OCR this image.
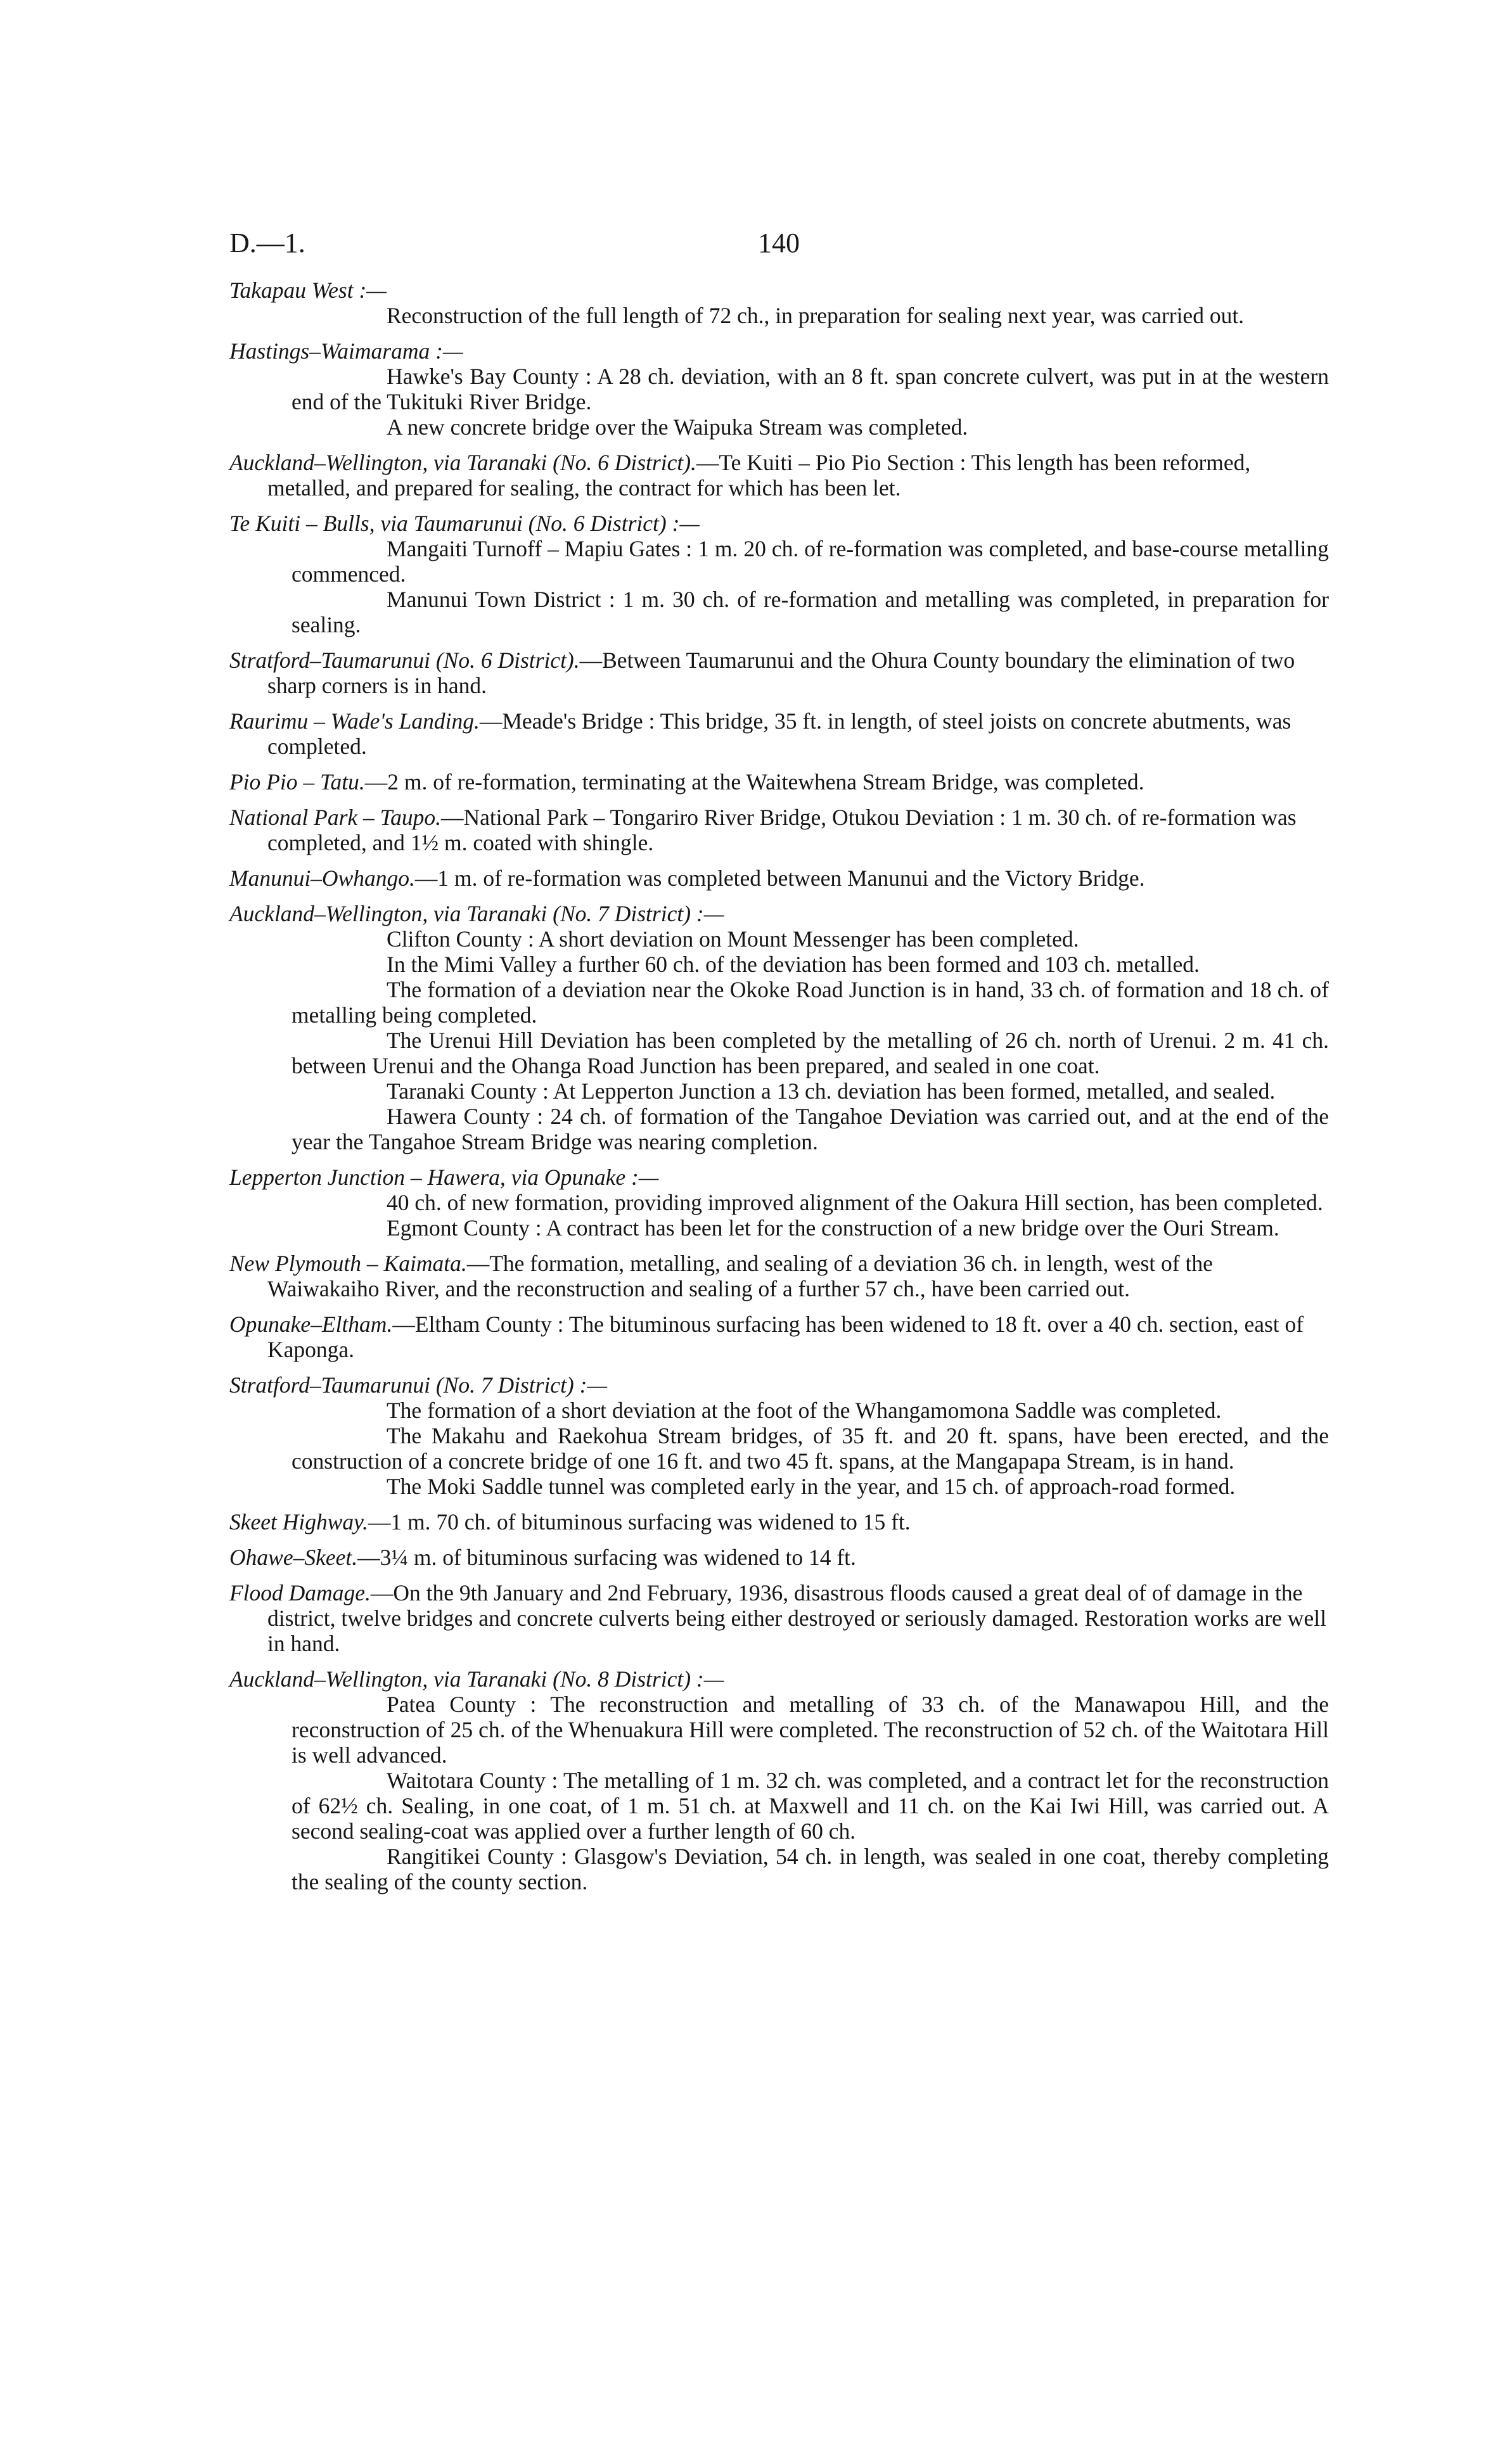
D.—1.	140
Takapau West :—

Reconstruction of the full length of 72 ch., in preparation for sealing next year, was carried out.

Hastings–Waimarama :—

Hawke's Bay County : A 28 ch. deviation, with an 8 ft. span concrete culvert, was put in at the western end of the Tukituki River Bridge.

A new concrete bridge over the Waipuka Stream was completed.

Auckland–Wellington, via Taranaki (No. 6 District).—Te Kuiti – Pio Pio Section : This length has been reformed, metalled, and prepared for sealing, the contract for which has been let.
Te Kuiti – Bulls, via Taumarunui (No. 6 District) :—

Mangaiti Turnoff – Mapiu Gates : 1 m. 20 ch. of re-formation was completed, and base-course metalling commenced.

Manunui Town District : 1 m. 30 ch. of re-formation and metalling was completed, in preparation for sealing.

Stratford–Taumarunui (No. 6 District).—Between Taumarunui and the Ohura County boundary the elimination of two sharp corners is in hand.
Raurimu – Wade's Landing.—Meade's Bridge : This bridge, 35 ft. in length, of steel joists on concrete abutments, was completed.
Pio Pio – Tatu.—2 m. of re-formation, terminating at the Waitewhena Stream Bridge, was completed.
National Park – Taupo.—National Park – Tongariro River Bridge, Otukou Deviation : 1 m. 30 ch. of re-formation was completed, and 1½ m. coated with shingle.
Manunui–Owhango.—1 m. of re-formation was completed between Manunui and the Victory Bridge.
Auckland–Wellington, via Taranaki (No. 7 District) :—

Clifton County : A short deviation on Mount Messenger has been completed.

In the Mimi Valley a further 60 ch. of the deviation has been formed and 103 ch. metalled.

The formation of a deviation near the Okoke Road Junction is in hand, 33 ch. of formation and 18 ch. of metalling being completed.

The Urenui Hill Deviation has been completed by the metalling of 26 ch. north of Urenui. 2 m. 41 ch. between Urenui and the Ohanga Road Junction has been prepared, and sealed in one coat.

Taranaki County : At Lepperton Junction a 13 ch. deviation has been formed, metalled, and sealed.

Hawera County : 24 ch. of formation of the Tangahoe Deviation was carried out, and at the end of the year the Tangahoe Stream Bridge was nearing completion.

Lepperton Junction – Hawera, via Opunake :—

40 ch. of new formation, providing improved alignment of the Oakura Hill section, has been completed.

Egmont County : A contract has been let for the construction of a new bridge over the Ouri Stream.

New Plymouth – Kaimata.—The formation, metalling, and sealing of a deviation 36 ch. in length, west of the Waiwakaiho River, and the reconstruction and sealing of a further 57 ch., have been carried out.
Opunake–Eltham.—Eltham County : The bituminous surfacing has been widened to 18 ft. over a 40 ch. section, east of Kaponga.
Stratford–Taumarunui (No. 7 District) :—

The formation of a short deviation at the foot of the Whangamomona Saddle was completed.

The Makahu and Raekohua Stream bridges, of 35 ft. and 20 ft. spans, have been erected, and the construction of a concrete bridge of one 16 ft. and two 45 ft. spans, at the Mangapapa Stream, is in hand.

The Moki Saddle tunnel was completed early in the year, and 15 ch. of approach-road formed.

Skeet Highway.—1 m. 70 ch. of bituminous surfacing was widened to 15 ft.
Ohawe–Skeet.—3¼ m. of bituminous surfacing was widened to 14 ft.
Flood Damage.—On the 9th January and 2nd February, 1936, disastrous floods caused a great deal of of damage in the district, twelve bridges and concrete culverts being either destroyed or seriously damaged. Restoration works are well in hand.
Auckland–Wellington, via Taranaki (No. 8 District) :—

Patea County : The reconstruction and metalling of 33 ch. of the Manawapou Hill, and the reconstruction of 25 ch. of the Whenuakura Hill were completed. The reconstruction of 52 ch. of the Waitotara Hill is well advanced.

Waitotara County : The metalling of 1 m. 32 ch. was completed, and a contract let for the reconstruction of 62½ ch. Sealing, in one coat, of 1 m. 51 ch. at Maxwell and 11 ch. on the Kai Iwi Hill, was carried out. A second sealing-coat was applied over a further length of 60 ch.

Rangitikei County : Glasgow's Deviation, 54 ch. in length, was sealed in one coat, thereby completing the sealing of the county section.
